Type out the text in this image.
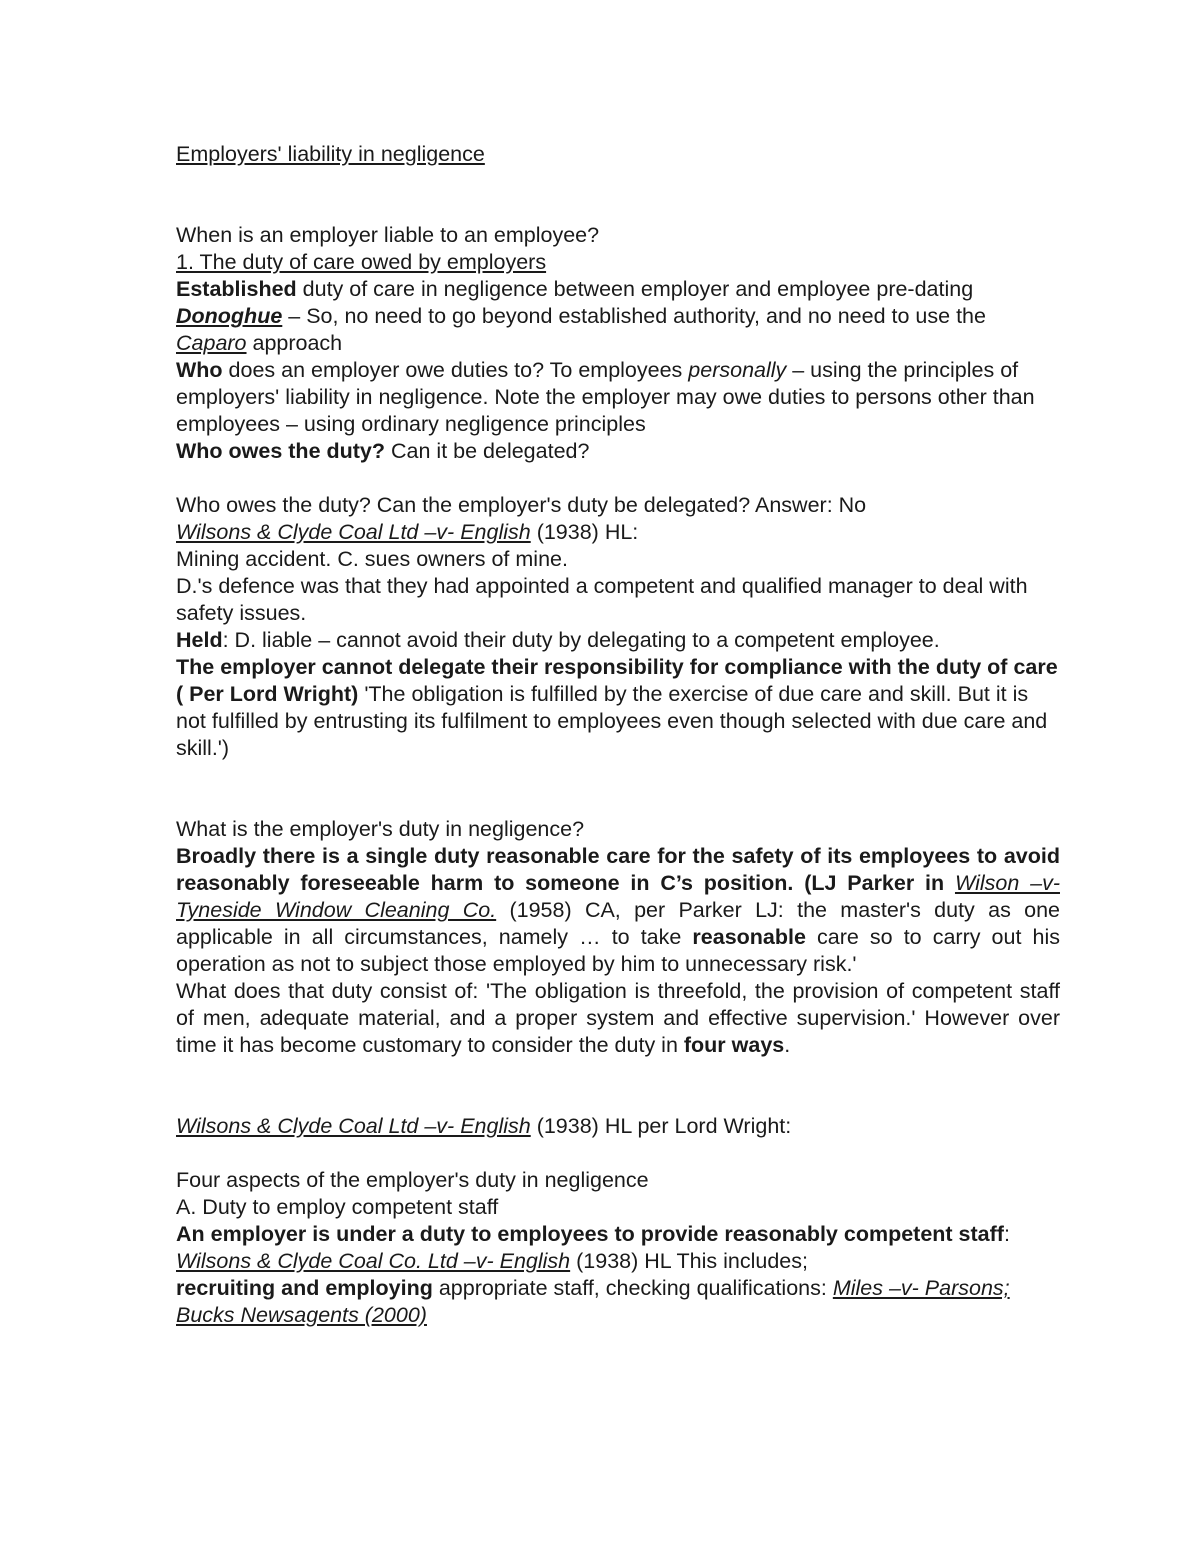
Employers' liability in negligence

When is an employer liable to an employee?

1. The duty of care owed by employers

Established duty of care in negligence between employer and employee pre-dating Donoghue – So, no need to go beyond established authority, and no need to use the Caparo approach

Who does an employer owe duties to? To employees personally – using the principles of employers' liability in negligence. Note the employer may owe duties to persons other than employees – using ordinary negligence principles

Who owes the duty? Can it be delegated?

Who owes the duty? Can the employer's duty be delegated? Answer: No

Wilsons & Clyde Coal Ltd –v- English (1938) HL:

Mining accident. C. sues owners of mine.

D.'s defence was that they had appointed a competent and qualified manager to deal with safety issues.

Held: D. liable – cannot avoid their duty by delegating to a competent employee.

The employer cannot delegate their responsibility for compliance with the duty of care ( Per Lord Wright) 'The obligation is fulfilled by the exercise of due care and skill. But it is not fulfilled by entrusting its fulfilment to employees even though selected with due care and skill.')

What is the employer's duty in negligence?

Broadly there is a single duty reasonable care for the safety of its employees to avoid reasonably foreseeable harm to someone in C’s position. (LJ Parker in Wilson –v- Tyneside Window Cleaning Co. (1958) CA, per Parker LJ: the master's duty as one applicable in all circumstances, namely … to take reasonable care so to carry out his operation as not to subject those employed by him to unnecessary risk.'

What does that duty consist of: 'The obligation is threefold, the provision of competent staff of men, adequate material, and a proper system and effective supervision.' However over time it has become customary to consider the duty in four ways.

Wilsons & Clyde Coal Ltd –v- English (1938) HL per Lord Wright:

Four aspects of the employer's duty in negligence

A. Duty to employ competent staff

An employer is under a duty to employees to provide reasonably competent staff: Wilsons & Clyde Coal Co. Ltd –v- English (1938) HL This includes;

recruiting and employing appropriate staff, checking qualifications: Miles –v- Parsons; Bucks Newsagents (2000)
